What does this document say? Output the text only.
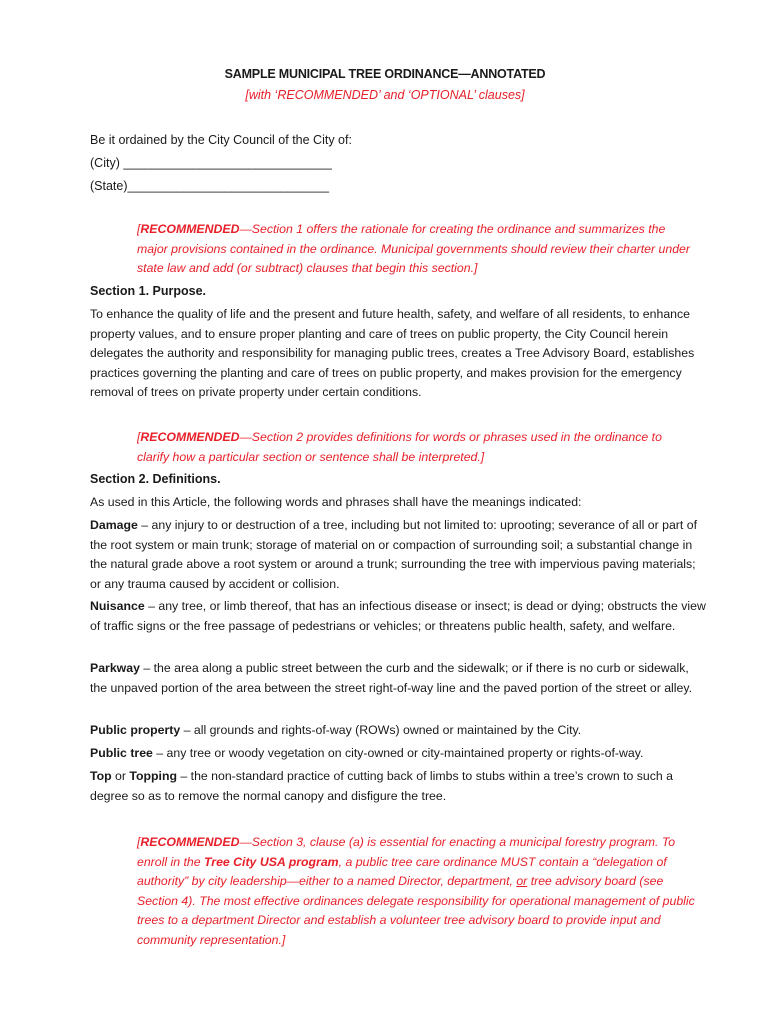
SAMPLE MUNICIPAL TREE ORDINANCE—ANNOTATED
[with ‘RECOMMENDED’ and ‘OPTIONAL’ clauses]
Be it ordained by the City Council of the City of:
(City) ______________________________
(State)_____________________________
[RECOMMENDED—Section 1 offers the rationale for creating the ordinance and summarizes the major provisions contained in the ordinance. Municipal governments should review their charter under state law and add (or subtract) clauses that begin this section.]
Section 1. Purpose.
To enhance the quality of life and the present and future health, safety, and welfare of all residents, to enhance property values, and to ensure proper planting and care of trees on public property, the City Council herein delegates the authority and responsibility for managing public trees, creates a Tree Advisory Board, establishes practices governing the planting and care of trees on public property, and makes provision for the emergency removal of trees on private property under certain conditions.
[RECOMMENDED—Section 2 provides definitions for words or phrases used in the ordinance to clarify how a particular section or sentence shall be interpreted.]
Section 2. Definitions.
As used in this Article, the following words and phrases shall have the meanings indicated:
Damage – any injury to or destruction of a tree, including but not limited to: uprooting; severance of all or part of the root system or main trunk; storage of material on or compaction of surrounding soil; a substantial change in the natural grade above a root system or around a trunk; surrounding the tree with impervious paving materials; or any trauma caused by accident or collision.
Nuisance – any tree, or limb thereof, that has an infectious disease or insect; is dead or dying; obstructs the view of traffic signs or the free passage of pedestrians or vehicles; or threatens public health, safety, and welfare.
Parkway – the area along a public street between the curb and the sidewalk; or if there is no curb or sidewalk, the unpaved portion of the area between the street right-of-way line and the paved portion of the street or alley.
Public property – all grounds and rights-of-way (ROWs) owned or maintained by the City.
Public tree – any tree or woody vegetation on city-owned or city-maintained property or rights-of-way.
Top or Topping – the non-standard practice of cutting back of limbs to stubs within a tree’s crown to such a degree so as to remove the normal canopy and disfigure the tree.
[RECOMMENDED—Section 3, clause (a) is essential for enacting a municipal forestry program. To enroll in the Tree City USA program, a public tree care ordinance MUST contain a “delegation of authority” by city leadership—either to a named Director, department, or tree advisory board (see Section 4). The most effective ordinances delegate responsibility for operational management of public trees to a department Director and establish a volunteer tree advisory board to provide input and community representation.]
